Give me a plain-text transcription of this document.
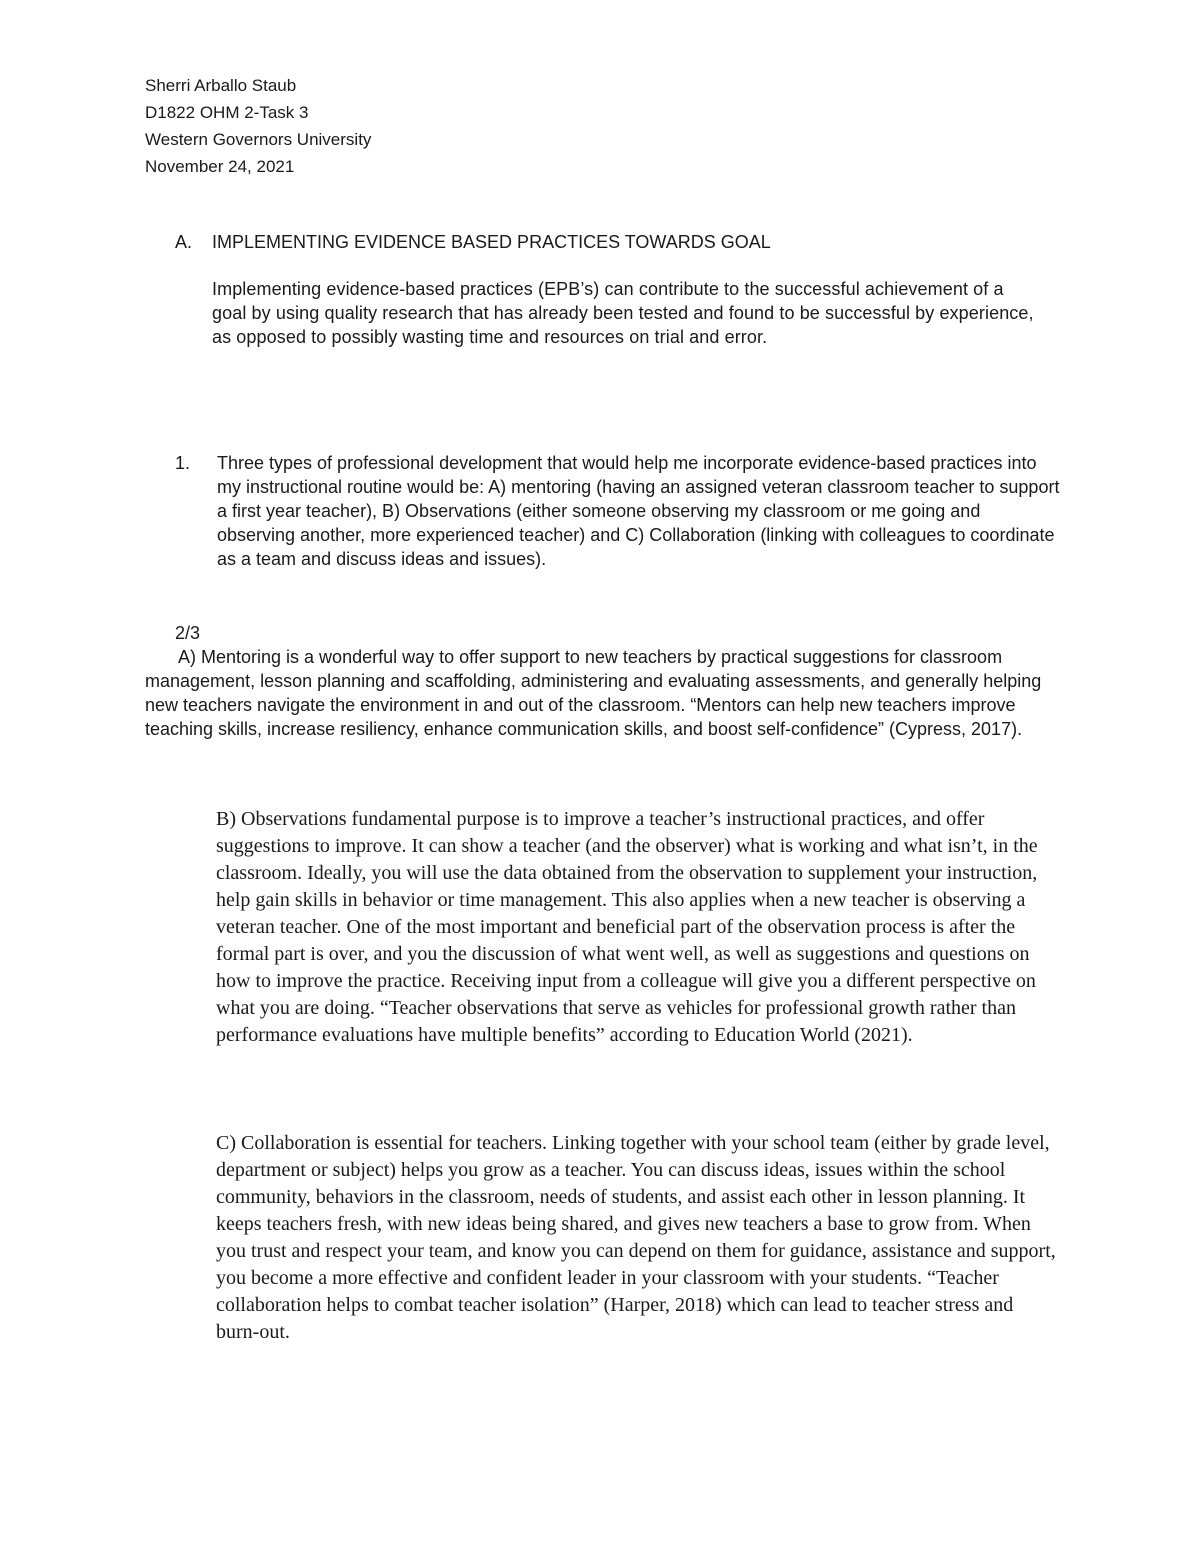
Sherri Arballo Staub
D1822 OHM 2-Task 3
Western Governors University
November 24, 2021
A.	IMPLEMENTING EVIDENCE BASED PRACTICES TOWARDS GOAL
Implementing evidence-based practices (EPB’s) can contribute to the successful achievement of a goal by using quality research that has already been tested and found to be successful by experience, as opposed to possibly wasting time and resources on trial and error.
1.	Three types of professional development that would help me incorporate evidence-based practices into my instructional routine would be: A) mentoring (having an assigned veteran classroom teacher to support a first year teacher), B) Observations (either someone observing my classroom or me going and observing another, more experienced teacher) and C) Collaboration (linking with colleagues to coordinate as a team and discuss ideas and issues).
2/3
A) Mentoring is a wonderful way to offer support to new teachers by practical suggestions for classroom management, lesson planning and scaffolding, administering and evaluating assessments, and generally helping new teachers navigate the environment in and out of the classroom. “Mentors can help new teachers improve teaching skills, increase resiliency, enhance communication skills, and boost self-confidence” (Cypress, 2017).
B) Observations fundamental purpose is to improve a teacher’s instructional practices, and offer suggestions to improve. It can show a teacher (and the observer) what is working and what isn’t, in the classroom. Ideally, you will use the data obtained from the observation to supplement your instruction, help gain skills in behavior or time management. This also applies when a new teacher is observing a veteran teacher. One of the most important and beneficial part of the observation process is after the formal part is over, and you the discussion of what went well, as well as suggestions and questions on how to improve the practice. Receiving input from a colleague will give you a different perspective on what you are doing. “Teacher observations that serve as vehicles for professional growth rather than performance evaluations have multiple benefits” according to Education World (2021).
C) Collaboration is essential for teachers. Linking together with your school team (either by grade level, department or subject) helps you grow as a teacher. You can discuss ideas, issues within the school community, behaviors in the classroom, needs of students, and assist each other in lesson planning. It keeps teachers fresh, with new ideas being shared, and gives new teachers a base to grow from. When you trust and respect your team, and know you can depend on them for guidance, assistance and support, you become a more effective and confident leader in your classroom with your students. “Teacher collaboration helps to combat teacher isolation” (Harper, 2018) which can lead to teacher stress and burn-out.
